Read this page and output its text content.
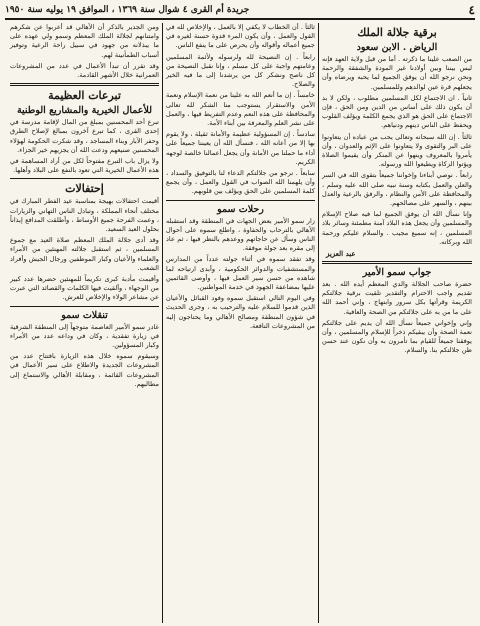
٤
جريدة أم القرى ٤ شوال سنة ١٣٦٩ ، الموافق ١٩ يوليه سنة ١٩٥٠
برقية جلالة الملك
الرياض . الابن سعود

من الصعب علينا ما ذكرته . أما من قبل ولاية العهد فإنه ليس بيننا وبين أولادنا غير المودة والشفقة والرحمة ونحن نرجو الله أن يوفق الجميع لما يحبه ويرضاه وأن يجعلهم قرة عين لوالدهم وللمسلمين.

ثانياً . ان الاجتماع لكل المسلمين مطلوب ، ولكن لا بد أن يكون ذلك على أساس من الدين ومن الحق ، فإن الاجتماع على الحق هو الذي يجمع الكلمة ويؤلف القلوب ويحفظ على الناس دينهم ودنياهم.

ثالثاً . إن الله سبحانه وتعالى يحب من عباده أن يتعاونوا على البر والتقوى ولا يتعاونوا على الإثم والعدوان ، وأن يأمروا بالمعروف وينهوا عن المنكر وأن يقيموا الصلاة ويؤتوا الزكاة ويطيعوا الله ورسوله.

رابعاً . نوصي أبناءنا وإخواننا جميعاً بتقوى الله في السر والعلن والعمل بكتابه وسنة نبيه صلى الله عليه وسلم ، والمحافظة على الأمن والنظام ، والرفق بالرعية والعدل بينهم ، والسهر على مصالحهم.

وإنا نسأل الله أن يوفق الجميع لما فيه صلاح الإسلام والمسلمين وأن يجعل هذه البلاد آمنة مطمئنة وسائر بلاد المسلمين ، إنه سميع مجيب . والسلام عليكم ورحمة الله وبركاته.

عبد العزيز
جواب سمو الأمير

حضرة صاحب الجلالة والدي المعظم أيده الله . بعد تقديم واجب الاحترام والتقدير تلقيت برقية جلالتكم الكريمة وقرأتها بكل سرور وابتهاج ، وإني أحمد الله على ما من به على جلالتكم من الصحة والعافية.

وإني وإخواني جميعاً نسأل الله أن يديم على جلالتكم نعمة الصحة وأن يبقيكم ذخراً للإسلام والمسلمين ، وأن يوفقنا جميعاً للقيام بما تأمرون به وأن نكون عند حسن ظن جلالتكم بنا. والسلام.

ثالثاً . أن الخطاب لا يكفي إلا بالعمل ، والإخلاص لله في القول والعمل ، وأن يكون المرء قدوة حسنة لغيره في جميع أعماله وأقواله وأن يحرص على ما ينفع الناس.

رابعاً . إن النصيحة لله ولرسوله ولأئمة المسلمين وعامتهم واجبة على كل مسلم ، وإنا نقبل النصيحة من كل ناصح ونشكر كل من يرشدنا إلى ما فيه الخير والصلاح.

خامساً . إن ما أنعم الله به علينا من نعمة الإسلام ونعمة الأمن والاستقرار يستوجب منا الشكر لله تعالى والمحافظة على هذه النعم وعدم التفريط فيها ، والعمل على نشر العلم والمعرفة بين أبناء الأمة.

سادساً . إن المسؤولية عظيمة والأمانة ثقيلة ، ولا يقوم بها إلا من أعانه الله ، فنسأل الله أن يعيننا جميعاً على أداء ما حملنا من الأمانة وأن يجعل أعمالنا خالصة لوجهه الكريم.

سابعاً . نرجو من جلالتكم الدعاء لنا بالتوفيق والسداد ، وأن يلهمنا الله الصواب في القول والعمل ، وأن يجمع كلمة المسلمين على الحق ويؤلف بين قلوبهم.

رحلات سمو

زار سمو الأمير بعض الجهات في المنطقة وقد استقبله الأهالي بالترحاب والحفاوة ، واطلع سموه على أحوال الناس وسأل عن حاجاتهم ووعدهم بالنظر فيها ، ثم عاد إلى مقره بعد جولة موفقة.

وقد تفقد سموه في أثناء جولته عدداً من المدارس والمستشفيات والدوائر الحكومية ، وأبدى ارتياحه لما شاهده من حسن سير العمل فيها ، وأوصى القائمين عليها بمضاعفة الجهود في خدمة المواطنين.

وفي اليوم التالي استقبل سموه وفود القبائل والأعيان الذين قدموا للسلام عليه والترحيب به ، وجرى الحديث في شؤون المنطقة ومصالح الأهالي وما يحتاجون إليه من المشروعات النافعة.

ومن الجدير بالذكر أن الأهالي قد أعربوا عن شكرهم وامتنانهم لجلالة الملك المعظم وسمو ولي عهده على ما يبذلانه من جهود في سبيل راحة الرعية وتوفير أسباب الطمأنينة لهم.

وقد تقرر أن تبدأ الأعمال في عدد من المشروعات العمرانية خلال الأشهر القادمة.

تبرعات العظيمة
للأعمال الخيرية والمشاريع الوطنية

تبرع أحد المحسنين بمبلغ من المال لإقامة مدرسة في إحدى القرى ، كما تبرع آخرون بمبالغ لإصلاح الطرق وحفر الآبار وبناء المساجد ، وقد شكرت الحكومة لهؤلاء المحسنين صنيعهم ودعت الله أن يجزيهم خير الجزاء.

ولا يزال باب التبرع مفتوحاً لكل من أراد المساهمة في هذه الأعمال الخيرية التي تعود بالنفع على البلاد وأهلها.

إحتفالات

أقيمت احتفالات بهيجة بمناسبة عيد الفطر المبارك في مختلف أنحاء المملكة ، وتبادل الناس التهاني والزيارات ، وعمت الفرحة جميع الأوساط ، وأطلقت المدافع إيذاناً بحلول العيد السعيد.

وقد أدى جلالة الملك المعظم صلاة العيد مع جموع المسلمين ، ثم استقبل جلالته المهنئين من الأمراء والعلماء والأعيان وكبار الموظفين ورجال الجيش وأفراد الشعب.

وأقيمت مأدبة كبرى تكريماً للمهنئين حضرها عدد كبير من الوجهاء ، وألقيت فيها الكلمات والقصائد التي عبرت عن مشاعر الولاء والإخلاص للعرش.

تنقلات سمو

غادر سمو الأمير العاصمة متوجهاً إلى المنطقة الشرقية في زيارة تفقدية ، وكان في وداعه عدد من الأمراء وكبار المسؤولين.

وسيقوم سموه خلال هذه الزيارة بافتتاح عدد من المشروعات الجديدة والاطلاع على سير الأعمال في المشروعات القائمة ، ومقابلة الأهالي والاستماع إلى مطالبهم.
